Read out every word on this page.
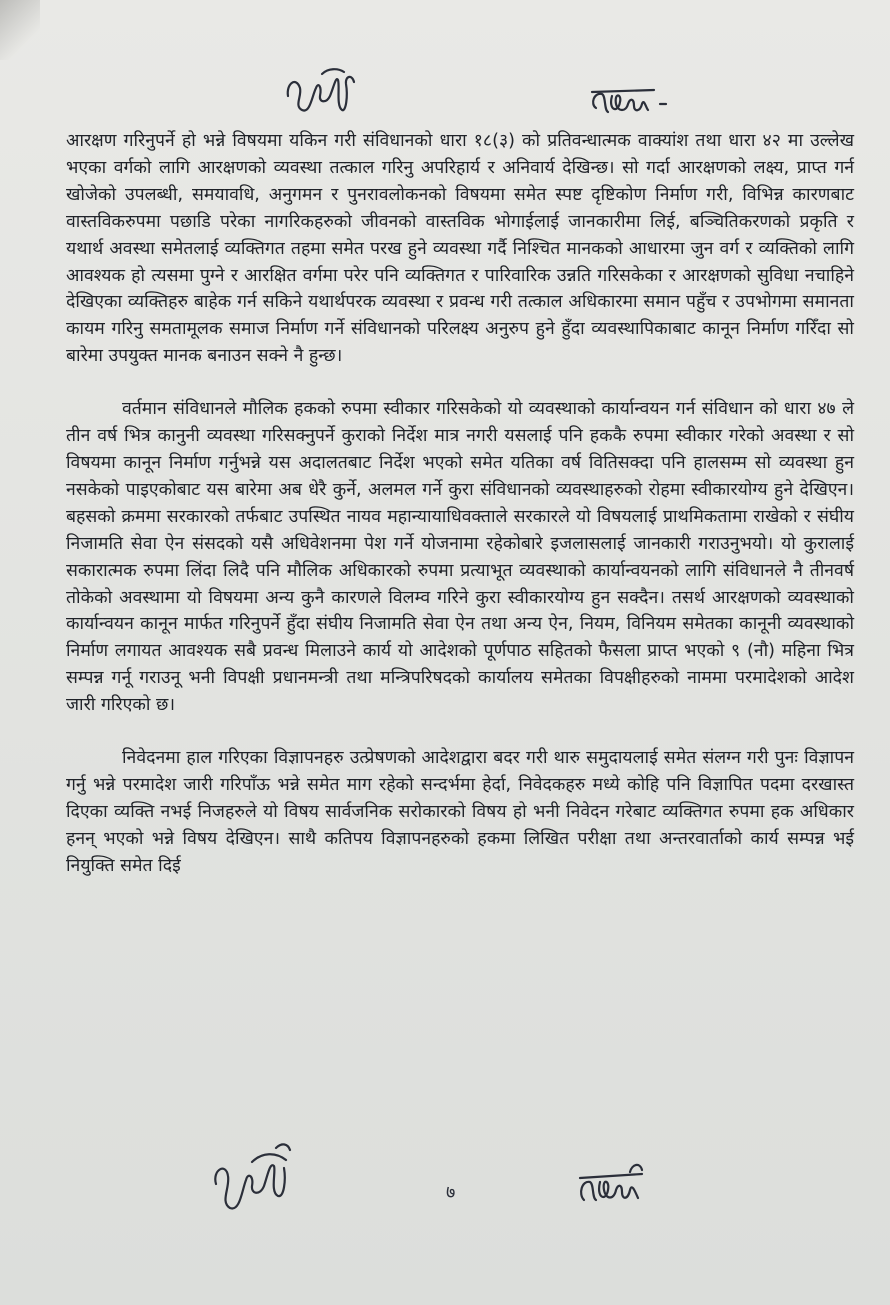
आरक्षण गरिनुपर्ने हो भन्ने विषयमा यकिन गरी संविधानको धारा १८(३) को प्रतिवन्धात्मक वाक्यांश तथा धारा ४२ मा उल्लेख भएका वर्गको लागि आरक्षणको व्यवस्था तत्काल गरिनु अपरिहार्य र अनिवार्य देखिन्छ। सो गर्दा आरक्षणको लक्ष्य, प्राप्त गर्न खोजेको उपलब्धी, समयावधि, अनुगमन र पुनरावलोकनको विषयमा समेत स्पष्ट दृष्टिकोण निर्माण गरी, विभिन्न कारणबाट वास्तविकरुपमा पछाडि परेका नागरिकहरुको जीवनको वास्तविक भोगाईलाई जानकारीमा लिई, बञ्चितिकरणको प्रकृति र यथार्थ अवस्था समेतलाई व्यक्तिगत तहमा समेत परख हुने व्यवस्था गर्दै निश्चित मानकको आधारमा जुन वर्ग र व्यक्तिको लागि आवश्यक हो त्यसमा पुग्ने र आरक्षित वर्गमा परेर पनि व्यक्तिगत र पारिवारिक उन्नति गरिसकेका र आरक्षणको सुविधा नचाहिने देखिएका व्यक्तिहरु बाहेक गर्न सकिने यथार्थपरक व्यवस्था र प्रवन्ध गरी तत्काल अधिकारमा समान पहुँच र उपभोगमा समानता कायम गरिनु समतामूलक समाज निर्माण गर्ने संविधानको परिलक्ष्य अनुरुप हुने हुँदा व्यवस्थापिकाबाट कानून निर्माण गरिँदा सो बारेमा उपयुक्त मानक बनाउन सक्ने नै हुन्छ।

वर्तमान संविधानले मौलिक हकको रुपमा स्वीकार गरिसकेको यो व्यवस्थाको कार्यान्वयन गर्न संविधान को धारा ४७ ले तीन वर्ष भित्र कानुनी व्यवस्था गरिसक्नुपर्ने कुराको निर्देश मात्र नगरी यसलाई पनि हककै रुपमा स्वीकार गरेको अवस्था र सो विषयमा कानून निर्माण गर्नुभन्ने यस अदालतबाट निर्देश भएको समेत यतिका वर्ष वितिसक्दा पनि हालसम्म सो व्यवस्था हुन नसकेको पाइएकोबाट यस बारेमा अब धेरै कुर्ने, अलमल गर्ने कुरा संविधानको व्यवस्थाहरुको रोहमा स्वीकारयोग्य हुने देखिएन। बहसको क्रममा सरकारको तर्फबाट उपस्थित नायव महान्यायाधिवक्ताले सरकारले यो विषयलाई प्राथमिकतामा राखेको र संघीय निजामति सेवा ऐन संसदको यसै अधिवेशनमा पेश गर्ने योजनामा रहेकोबारे इजलासलाई जानकारी गराउनुभयो। यो कुरालाई सकारात्मक रुपमा लिंदा लिदै पनि मौलिक अधिकारको रुपमा प्रत्याभूत व्यवस्थाको कार्यान्वयनको लागि संविधानले नै तीनवर्ष तोकेको अवस्थामा यो विषयमा अन्य कुनै कारणले विलम्व गरिने कुरा स्वीकारयोग्य हुन सक्दैन। तसर्थ आरक्षणको व्यवस्थाको कार्यान्वयन कानून मार्फत गरिनुपर्ने हुँदा संघीय निजामति सेवा ऐन तथा अन्य ऐन, नियम, विनियम समेतका कानूनी व्यवस्थाको निर्माण लगायत आवश्यक सबै प्रवन्ध मिलाउने कार्य यो आदेशको पूर्णपाठ सहितको फैसला प्राप्त भएको ९ (नौ) महिना भित्र सम्पन्न गर्नू गराउनू भनी विपक्षी प्रधानमन्त्री तथा मन्त्रिपरिषदको कार्यालय समेतका विपक्षीहरुको नाममा परमादेशको आदेश जारी गरिएको छ।

निवेदनमा हाल गरिएका विज्ञापनहरु उत्प्रेषणको आदेशद्वारा बदर गरी थारु समुदायलाई समेत संलग्न गरी पुनः विज्ञापन गर्नु भन्ने परमादेश जारी गरिपाँऊ भन्ने समेत माग रहेको सन्दर्भमा हेर्दा, निवेदकहरु मध्ये कोहि पनि विज्ञापित पदमा दरखास्त दिएका व्यक्ति नभई निजहरुले यो विषय सार्वजनिक सरोकारको विषय हो भनी निवेदन गरेबाट व्यक्तिगत रुपमा हक अधिकार हनन् भएको भन्ने विषय देखिएन। साथै कतिपय विज्ञापनहरुको हकमा लिखित परीक्षा तथा अन्तरवार्ताको कार्य सम्पन्न भई नियुक्ति समेत दिई

७
